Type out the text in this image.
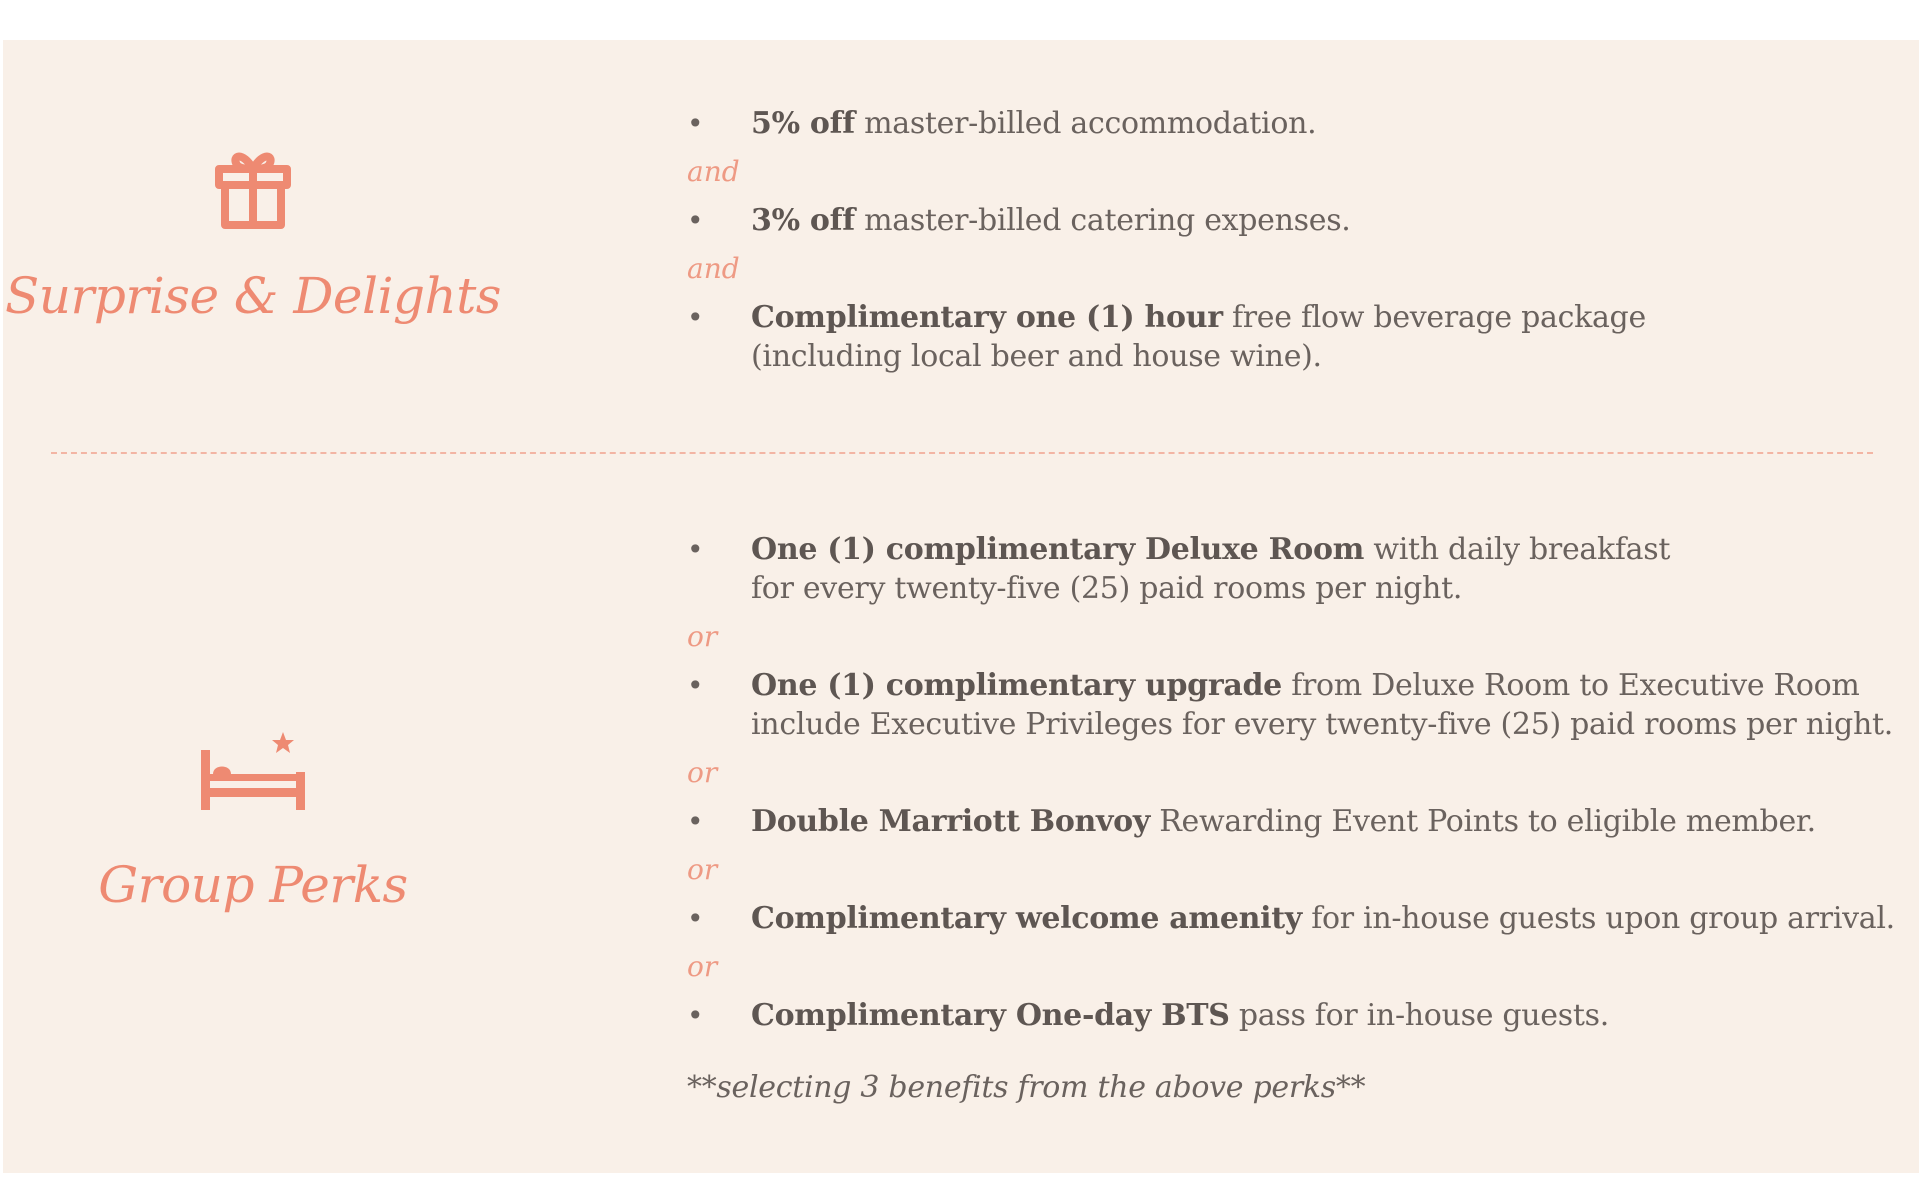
Surprise & Delights
• 5% off master-billed accommodation.
and
• 3% off master-billed catering expenses.
and
• Complimentary one (1) hour free flow beverage package
(including local beer and house wine).
Group Perks
• One (1) complimentary Deluxe Room with daily breakfast
for every twenty-five (25) paid rooms per night.
or
• One (1) complimentary upgrade from Deluxe Room to Executive Room
include Executive Privileges for every twenty-five (25) paid rooms per night.
or
• Double Marriott Bonvoy Rewarding Event Points to eligible member.
or
• Complimentary welcome amenity for in-house guests upon group arrival.
or
• Complimentary One-day BTS pass for in-house guests.
**selecting 3 benefits from the above perks**
